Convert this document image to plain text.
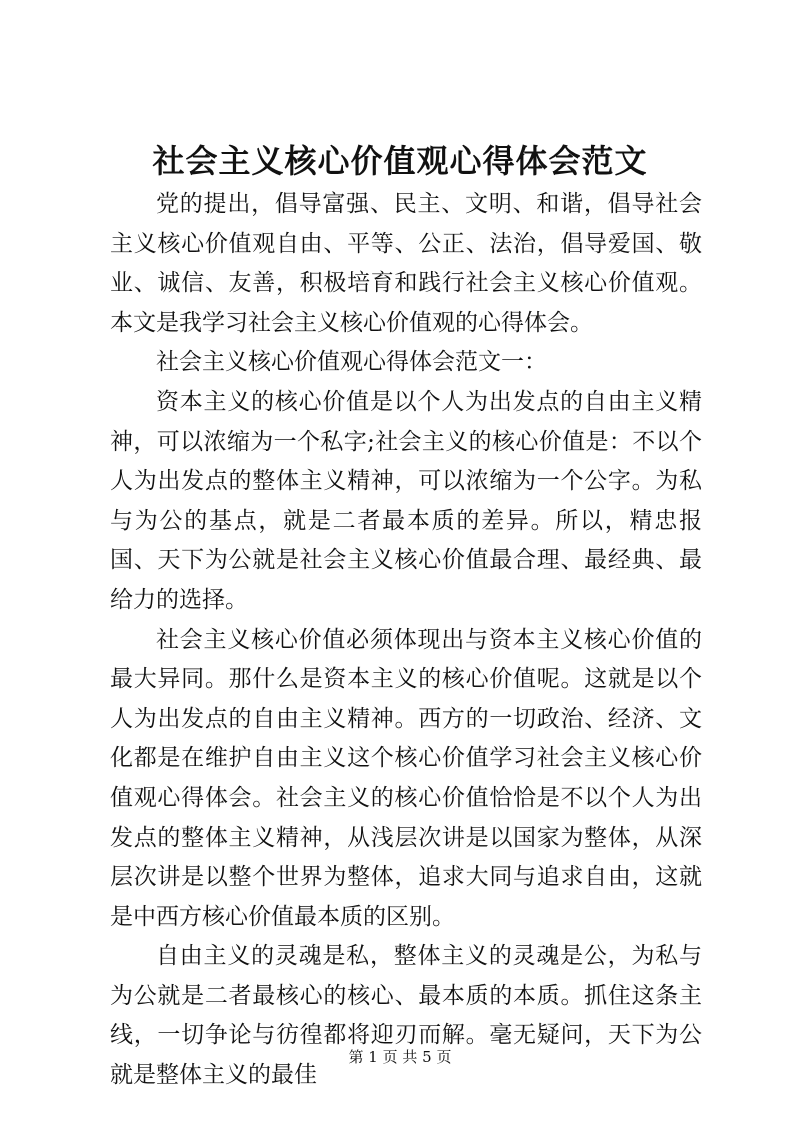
社会主义核心价值观心得体会范文

党的提出，倡导富强、民主、文明、和谐，倡导社会主义核心价值观自由、平等、公正、法治，倡导爱国、敬业、诚信、友善，积极培育和践行社会主义核心价值观。本文是我学习社会主义核心价值观的心得体会。

社会主义核心价值观心得体会范文一：

资本主义的核心价值是以个人为出发点的自由主义精神，可以浓缩为一个私字;社会主义的核心价值是：不以个人为出发点的整体主义精神，可以浓缩为一个公字。为私与为公的基点，就是二者最本质的差异。所以，精忠报国、天下为公就是社会主义核心价值最合理、最经典、最给力的选择。

社会主义核心价值必须体现出与资本主义核心价值的最大异同。那什么是资本主义的核心价值呢。这就是以个人为出发点的自由主义精神。西方的一切政治、经济、文化都是在维护自由主义这个核心价值学习社会主义核心价值观心得体会。社会主义的核心价值恰恰是不以个人为出发点的整体主义精神，从浅层次讲是以国家为整体，从深层次讲是以整个世界为整体，追求大同与追求自由，这就是中西方核心价值最本质的区别。

自由主义的灵魂是私，整体主义的灵魂是公，为私与为公就是二者最核心的核心、最本质的本质。抓住这条主线，一切争论与彷徨都将迎刃而解。毫无疑问，天下为公就是整体主义的最佳

第 1 页 共 5 页
